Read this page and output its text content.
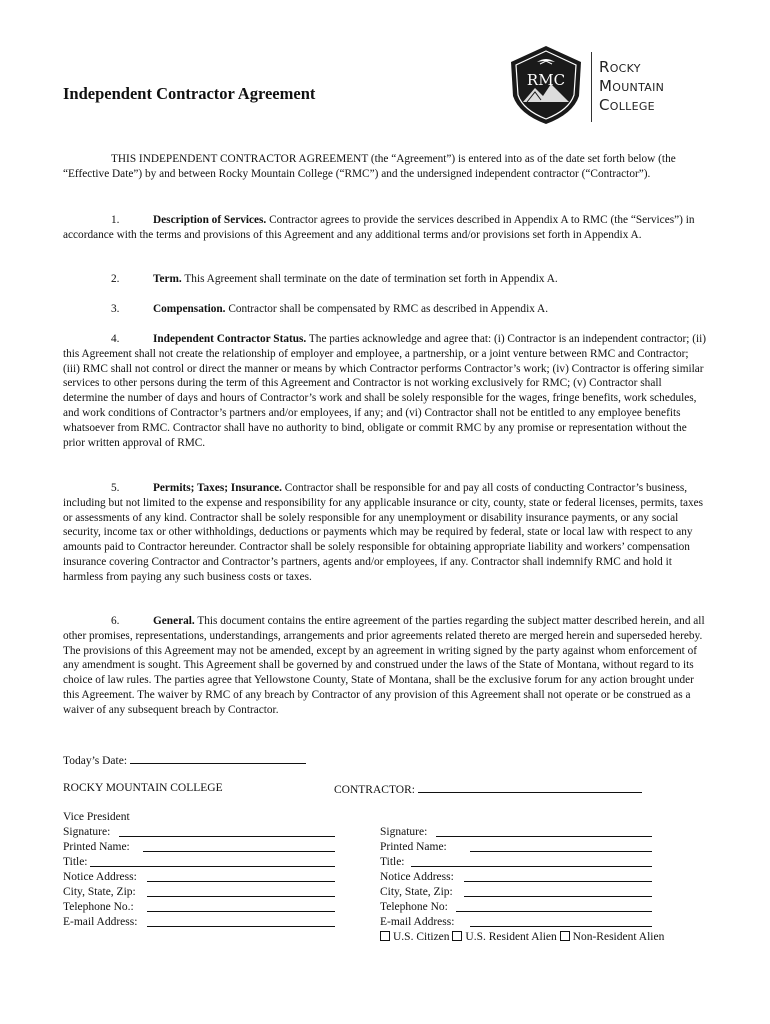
Independent Contractor Agreement
RMC
Rocky
Mountain
College

THIS INDEPENDENT CONTRACTOR AGREEMENT (the “Agreement”) is entered into as of the date set forth below (the “Effective Date”) by and between Rocky Mountain College (“RMC”) and the undersigned independent contractor (“Contractor”).

1.	Description of Services. Contractor agrees to provide the services described in Appendix A to RMC (the “Services”) in accordance with the terms and provisions of this Agreement and any additional terms and/or provisions set forth in Appendix A.

2.	Term. This Agreement shall terminate on the date of termination set forth in Appendix A.

3.	Compensation. Contractor shall be compensated by RMC as described in Appendix A.

4.	Independent Contractor Status. The parties acknowledge and agree that: (i) Contractor is an independent contractor; (ii) this Agreement shall not create the relationship of employer and employee, a partnership, or a joint venture between RMC and Contractor; (iii) RMC shall not control or direct the manner or means by which Contractor performs Contractor’s work; (iv) Contractor is offering similar services to other persons during the term of this Agreement and Contractor is not working exclusively for RMC; (v) Contractor shall determine the number of days and hours of Contractor’s work and shall be solely responsible for the wages, fringe benefits, work schedules, and work conditions of Contractor’s partners and/or employees, if any; and (vi) Contractor shall not be entitled to any employee benefits whatsoever from RMC. Contractor shall have no authority to bind, obligate or commit RMC by any promise or representation without the prior written approval of RMC.

5.	Permits; Taxes; Insurance. Contractor shall be responsible for and pay all costs of conducting Contractor’s business, including but not limited to the expense and responsibility for any applicable insurance or city, county, state or federal licenses, permits, taxes or assessments of any kind. Contractor shall be solely responsible for any unemployment or disability insurance payments, or any social security, income tax or other withholdings, deductions or payments which may be required by federal, state or local law with respect to any amounts paid to Contractor hereunder. Contractor shall be solely responsible for obtaining appropriate liability and workers’ compensation insurance covering Contractor and Contractor’s partners, agents and/or employees, if any. Contractor shall indemnify RMC and hold it harmless from paying any such business costs or taxes.

6.	General. This document contains the entire agreement of the parties regarding the subject matter described herein, and all other promises, representations, understandings, arrangements and prior agreements related thereto are merged herein and superseded hereby. The provisions of this Agreement may not be amended, except by an agreement in writing signed by the party against whom enforcement of any amendment is sought. This Agreement shall be governed by and construed under the laws of the State of Montana, without regard to its choice of law rules. The parties agree that Yellowstone County, State of Montana, shall be the exclusive forum for any action brought under this Agreement. The waiver by RMC of any breach by Contractor of any provision of this Agreement shall not operate or be construed as a waiver of any subsequent breach by Contractor.

Today’s Date:
ROCKY MOUNTAIN COLLEGE	CONTRACTOR:
Vice President
Signature:
Printed Name:
Title:
Notice Address:
City, State, Zip:
Telephone No.:
E-mail Address:
Signature:
Printed Name:
Title:
Notice Address:
City, State, Zip:
Telephone No:
E-mail Address:
U.S. Citizen U.S. Resident Alien Non-Resident Alien
